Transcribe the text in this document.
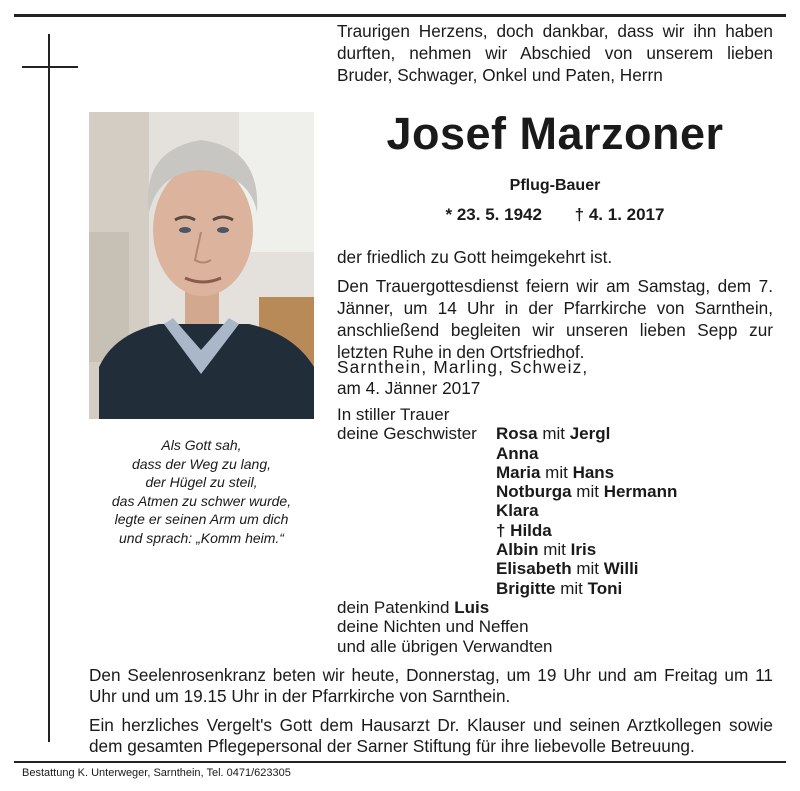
Traurigen Herzens, doch dankbar, dass wir ihn haben durften, nehmen wir Abschied von unserem lieben Bruder, Schwager, Onkel und Paten, Herrn
Josef Marzoner
Pflug-Bauer
* 23. 5. 1942 † 4. 1. 2017
der friedlich zu Gott heimgekehrt ist.
Den Trauergottesdienst feiern wir am Samstag, dem 7. Jänner, um 14 Uhr in der Pfarrkirche von Sarnthein, anschließend begleiten wir unseren lieben Sepp zur letzten Ruhe in den Ortsfriedhof.
Sarnthein, Marling, Schweiz,
am 4. Jänner 2017
Als Gott sah,
dass der Weg zu lang,
der Hügel zu steil,
das Atmen zu schwer wurde,
legte er seinen Arm um dich
und sprach: „Komm heim.“
In stiller Trauer
deine Geschwister Rosa mit Jergl
Anna
Maria mit Hans
Notburga mit Hermann
Klara
† Hilda
Albin mit Iris
Elisabeth mit Willi
Brigitte mit Toni
dein Patenkind Luis
deine Nichten und Neffen
und alle übrigen Verwandten
Den Seelenrosenkranz beten wir heute, Donnerstag, um 19 Uhr und am Freitag um 11 Uhr und um 19.15 Uhr in der Pfarrkirche von Sarnthein.
Ein herzliches Vergelt's Gott dem Hausarzt Dr. Klauser und seinen Arztkollegen sowie dem gesamten Pflegepersonal der Sarner Stiftung für ihre liebevolle Betreuung.
Bestattung K. Unterweger, Sarnthein, Tel. 0471/623305
